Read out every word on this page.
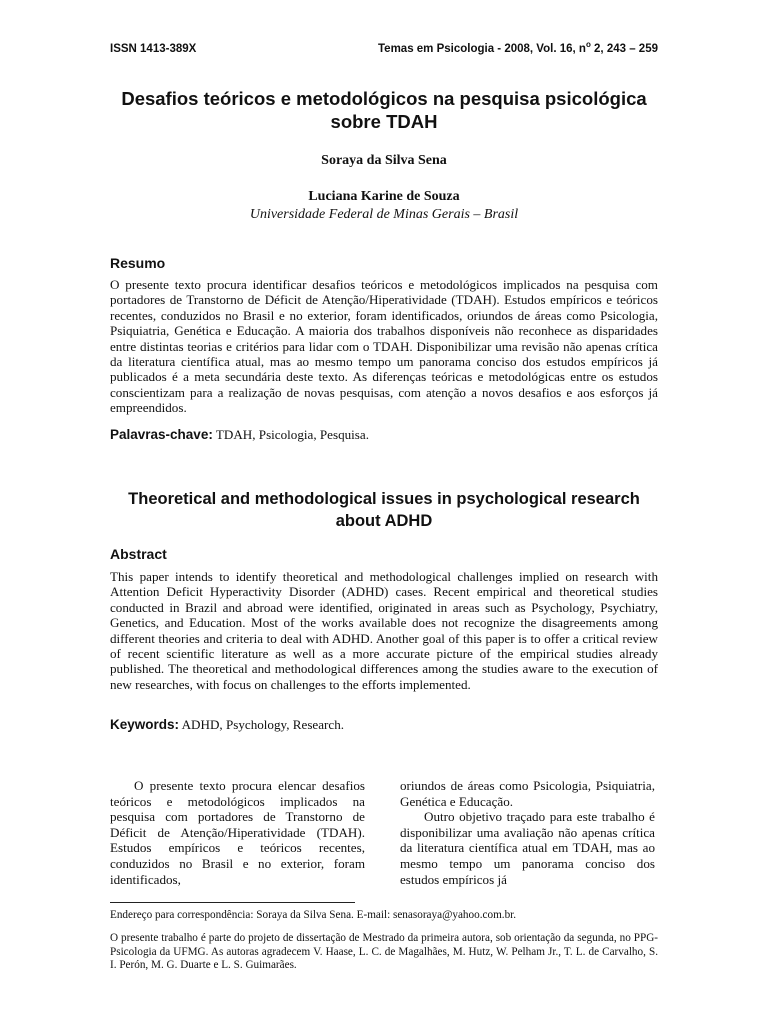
ISSN 1413-389X	Temas em Psicologia - 2008, Vol. 16, $n^o$ 2, 243 – 259
Desafios teóricos e metodológicos na pesquisa psicológica sobre TDAH
Soraya da Silva Sena
Luciana Karine de Souza
Universidade Federal de Minas Gerais – Brasil
Resumo
O presente texto procura identificar desafios teóricos e metodológicos implicados na pesquisa com portadores de Transtorno de Déficit de Atenção/Hiperatividade (TDAH). Estudos empíricos e teóricos recentes, conduzidos no Brasil e no exterior, foram identificados, oriundos de áreas como Psicologia, Psiquiatria, Genética e Educação. A maioria dos trabalhos disponíveis não reconhece as disparidades entre distintas teorias e critérios para lidar com o TDAH. Disponibilizar uma revisão não apenas crítica da literatura científica atual, mas ao mesmo tempo um panorama conciso dos estudos empíricos já publicados é a meta secundária deste texto. As diferenças teóricas e metodológicas entre os estudos conscientizam para a realização de novas pesquisas, com atenção a novos desafios e aos esforços já empreendidos.
Palavras-chave: TDAH, Psicologia, Pesquisa.
Theoretical and methodological issues in psychological research about ADHD
Abstract
This paper intends to identify theoretical and methodological challenges implied on research with Attention Deficit Hyperactivity Disorder (ADHD) cases. Recent empirical and theoretical studies conducted in Brazil and abroad were identified, originated in areas such as Psychology, Psychiatry, Genetics, and Education. Most of the works available does not recognize the disagreements among different theories and criteria to deal with ADHD. Another goal of this paper is to offer a critical review of recent scientific literature as well as a more accurate picture of the empirical studies already published. The theoretical and methodological differences among the studies aware to the execution of new researches, with focus on challenges to the efforts implemented.
Keywords: ADHD, Psychology, Research.

O presente texto procura elencar desafios teóricos e metodológicos implicados na pesquisa com portadores de Transtorno de Déficit de Atenção/Hiperatividade (TDAH). Estudos empíricos e teóricos recentes, conduzidos no Brasil e no exterior, foram identificados,

oriundos de áreas como Psicologia, Psiquiatria, Genética e Educação.

Outro objetivo traçado para este trabalho é disponibilizar uma avaliação não apenas crítica da literatura científica atual em TDAH, mas ao mesmo tempo um panorama conciso dos estudos empíricos já

Endereço para correspondência: Soraya da Silva Sena. E-mail: senasoraya@yahoo.com.br.
O presente trabalho é parte do projeto de dissertação de Mestrado da primeira autora, sob orientação da segunda, no PPG-Psicologia da UFMG. As autoras agradecem V. Haase, L. C. de Magalhães, M. Hutz, W. Pelham Jr., T. L. de Carvalho, S. I. Perón, M. G. Duarte e L. S. Guimarães.
